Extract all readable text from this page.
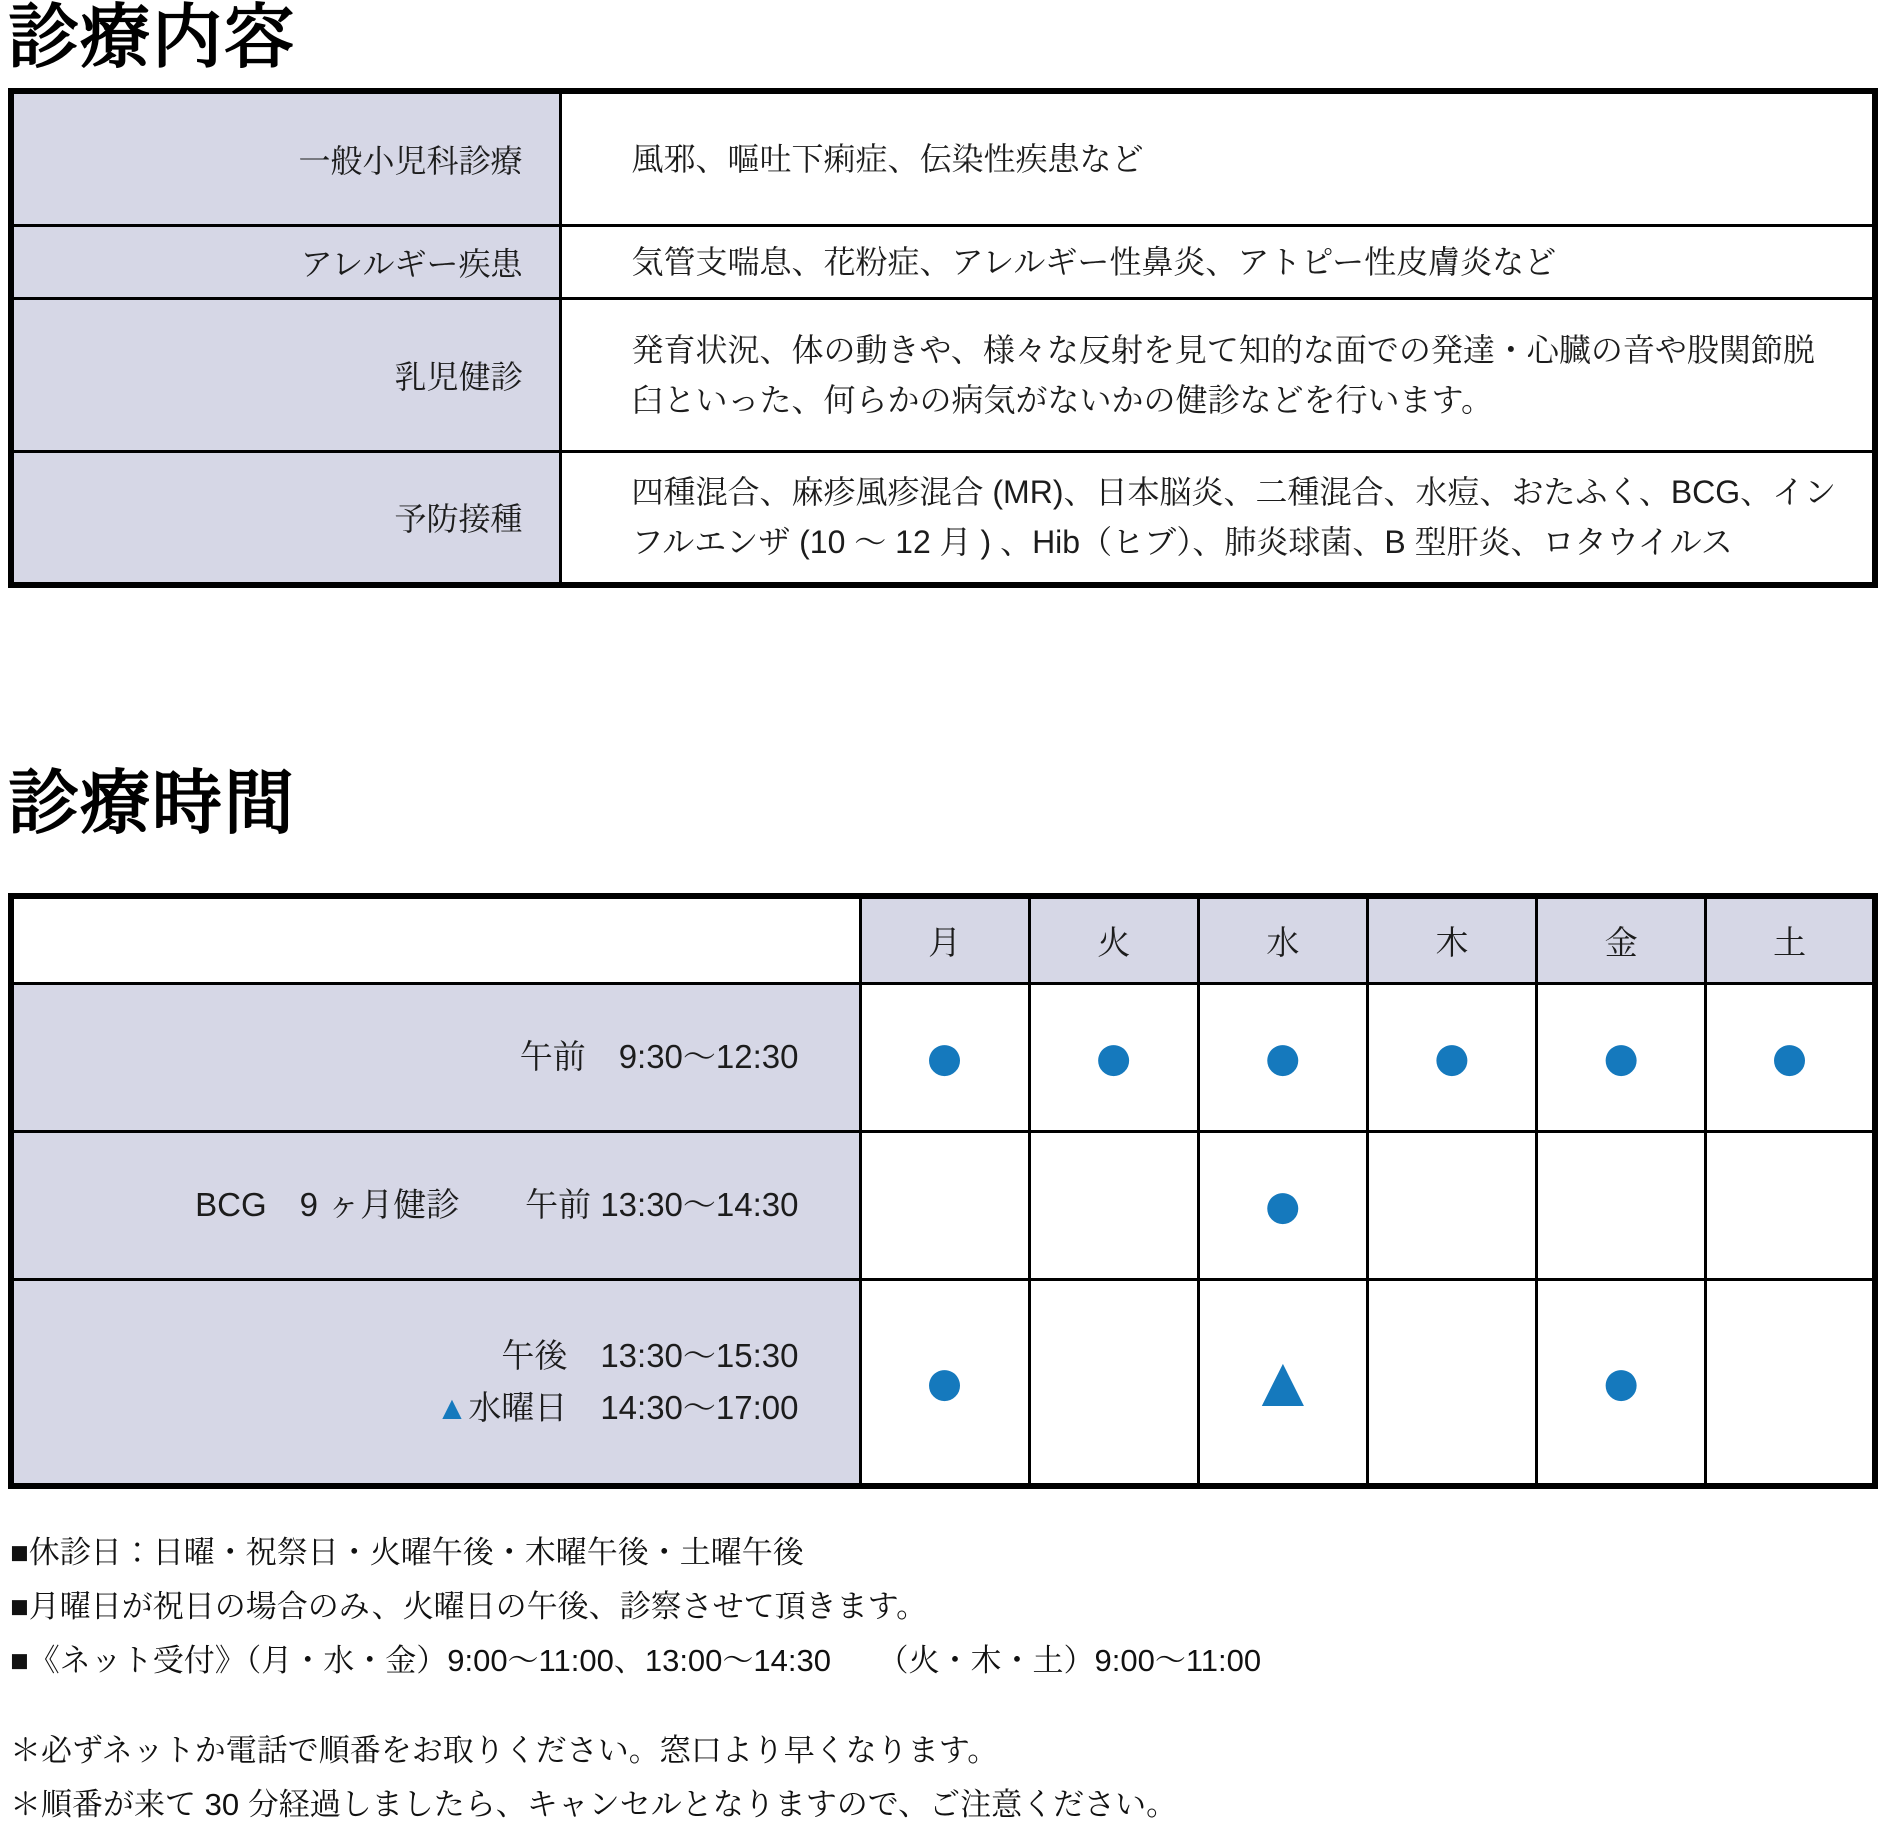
診療内容
一般小児科診療	風邪、嘔吐下痢症、伝染性疾患など
アレルギー疾患	気管支喘息、花粉症、アレルギー性鼻炎、アトピー性皮膚炎など
乳児健診	発育状況、体の動きや、様々な反射を見て知的な面での発達・心臓の音や股関節脱臼といった、何らかの病気がないかの健診などを行います。
予防接種	四種混合、麻疹風疹混合 (MR)、日本脳炎、二種混合、水痘、おたふく、BCG、インフルエンザ (10 〜 12 月 ) 、Hib（ヒブ）、肺炎球菌、B 型肝炎、ロタウイルス
診療時間
	月	火	水	木	金	土
午前　9:30〜12:30	●	●	●	●	●	●
BCG　9 ヶ月健診　　午前 13:30〜14:30			●			

午後　13:30〜15:30
▲水曜日　14:30〜17:00	●		▲		●	
■休診日：日曜・祝祭日・火曜午後・木曜午後・土曜午後
■月曜日が祝日の場合のみ、火曜日の午後、診察させて頂きます。
■《ネット受付》（月・水・金）9:00〜11:00、13:00〜14:30　　（火・木・土）9:00〜11:00
＊必ずネットか電話で順番をお取りください。窓口より早くなります。
＊順番が来て 30 分経過しましたら、キャンセルとなりますので、ご注意ください。
